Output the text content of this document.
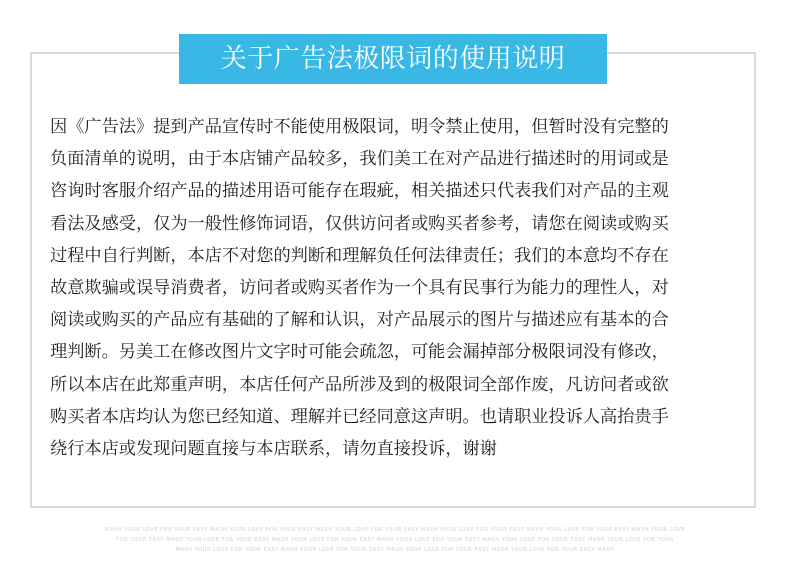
关于广告法极限词的使用说明

因《广告法》提到产品宣传时不能使用极限词，明令禁止使用，但暂时没有完整的
负面清单的说明，由于本店铺产品较多，我们美工在对产品进行描述时的用词或是
咨询时客服介绍产品的描述用语可能存在瑕疵，相关描述只代表我们对产品的主观
看法及感受，仅为一般性修饰词语，仅供访问者或购买者参考，请您在阅读或购买
过程中自行判断，本店不对您的判断和理解负任何法律责任；我们的本意均不存在
故意欺骗或误导消费者，访问者或购买者作为一个具有民事行为能力的理性人，对
阅读或购买的产品应有基础的了解和认识，对产品展示的图片与描述应有基本的合
理判断。另美工在修改图片文字时可能会疏忽，可能会漏掉部分极限词没有修改，
所以本店在此郑重声明，本店任何产品所涉及到的极限词全部作废，凡访问者或欲
购买者本店均认为您已经知道、理解并已经同意这声明。也请职业投诉人高抬贵手
绕行本店或发现问题直接与本店联系，请勿直接投诉，谢谢

MASH YOUR LOVE FOR YOUR EASY MASH YOUR LOVE FOR YOUR EASY MASH YOUR LOVE FOR YOUR EASY MASH YOUR LOVE FOR YOUR EASY MASH YOUR LOVE FOR YOUR EASY MASH YOUR LOVE
FOR YOUR EASY MASH YOUR LOVE FOR YOUR EASY MASH YOUR LOVE FOR YOUR EASY MASH YOUR LOVE FOR YOUR EASY MASH YOUR LOVE FOR YOUR EASY MASH YOUR LOVE FOR YOUR
MASH YOUR LOVE FOR YOUR EASY MASH YOUR LOVE FOR YOUR EASY MASH YOUR LOVE FOR YOUR EASY MASH YOUR LOVE FOR YOUR EASY MASH
